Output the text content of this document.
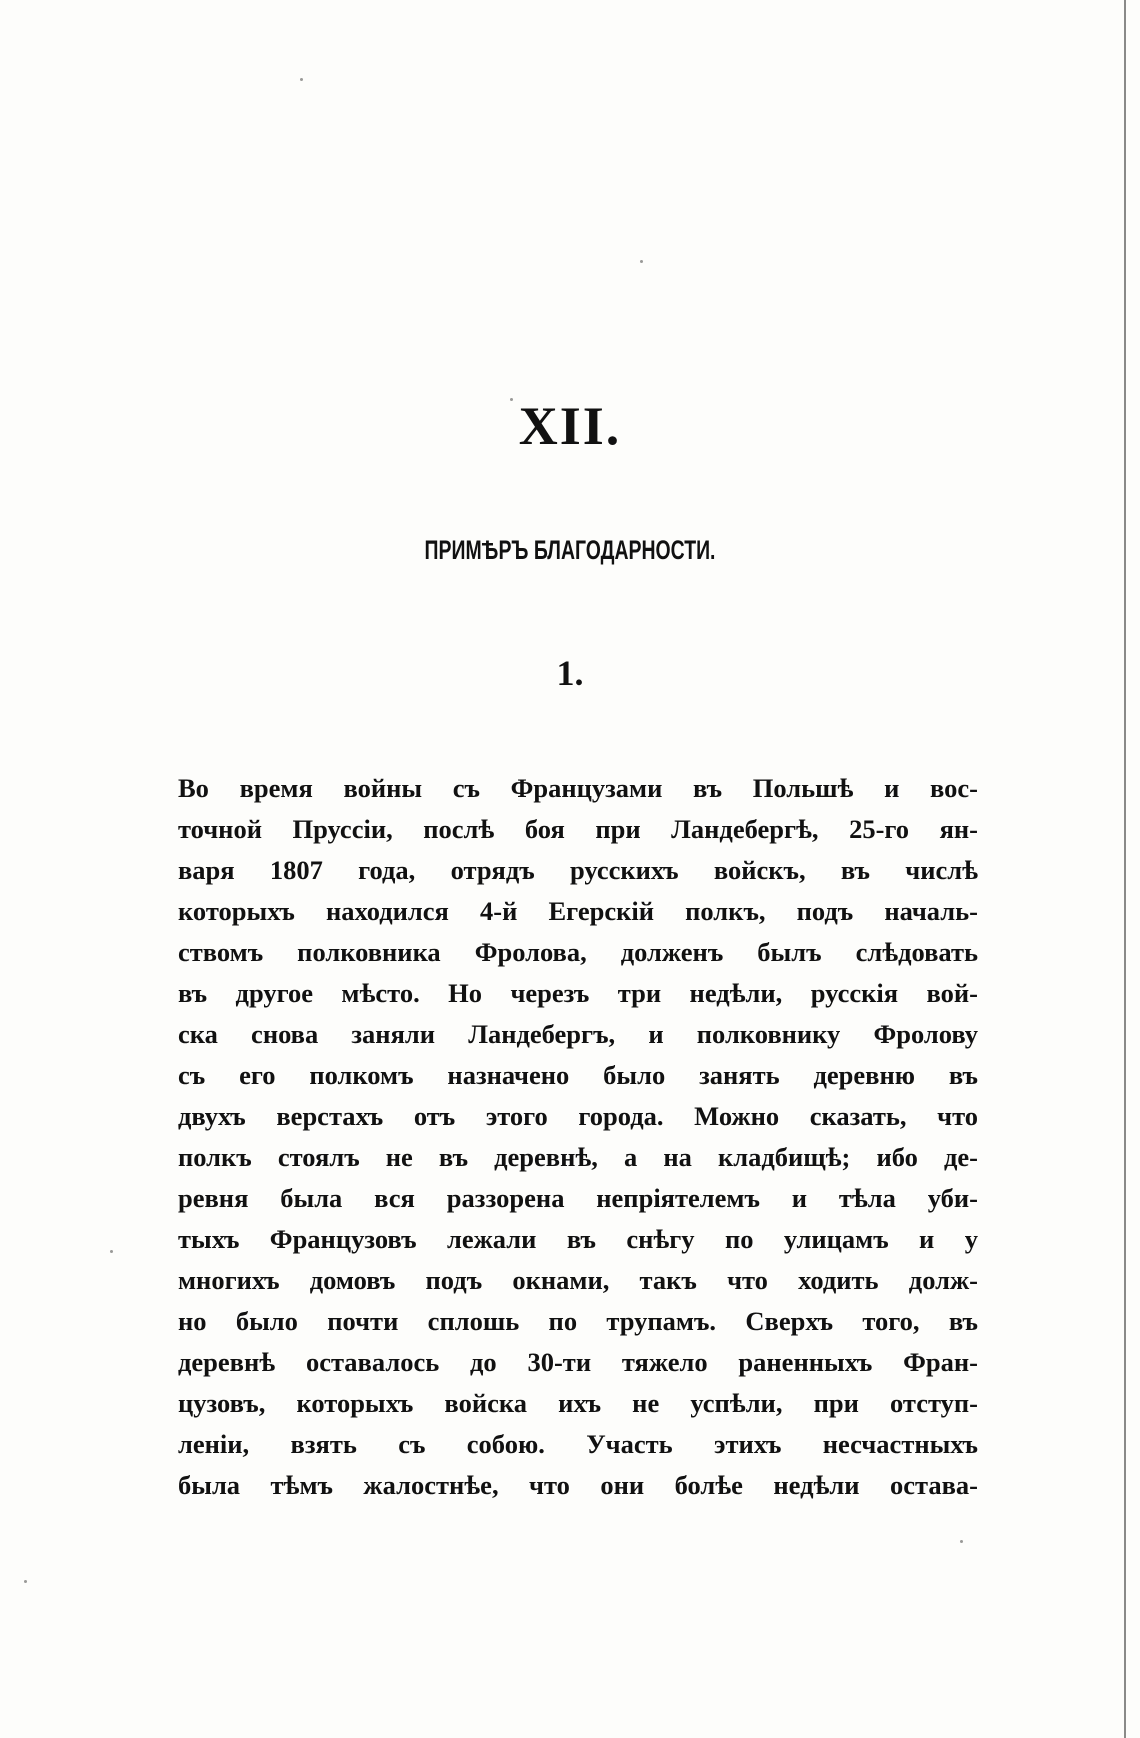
XII.
ПРИМѢРЪ БЛАГОДАРНОСТИ.
1.
Во время войны съ Французами въ Польшѣ и вос-
точной Пруссіи, послѣ боя при Ландебергѣ, 25-го ян-
варя 1807 года, отрядъ русскихъ войскъ, въ числѣ
которыхъ находился 4-й Егерскій полкъ, подъ началь-
ствомъ полковника Фролова, долженъ былъ слѣдовать
въ другое мѣсто. Но черезъ три недѣли, русскія вой-
ска снова заняли Ландебергъ, и полковнику Фролову
съ его полкомъ назначено было занять деревню въ
двухъ верстахъ отъ этого города. Можно сказать, что
полкъ стоялъ не въ деревнѣ, а на кладбищѣ; ибо де-
ревня была вся раззорена непріятелемъ и тѣла уби-
тыхъ Французовъ лежали въ снѣгу по улицамъ и у
многихъ домовъ подъ окнами, такъ что ходить долж-
но было почти сплошь по трупамъ. Сверхъ того, въ
деревнѣ оставалось до 30-ти тяжело раненныхъ Фран-
цузовъ, которыхъ войска ихъ не успѣли, при отступ-
леніи, взять съ собою. Участь этихъ несчастныхъ
была тѣмъ жалостнѣе, что они болѣе недѣли остава-
